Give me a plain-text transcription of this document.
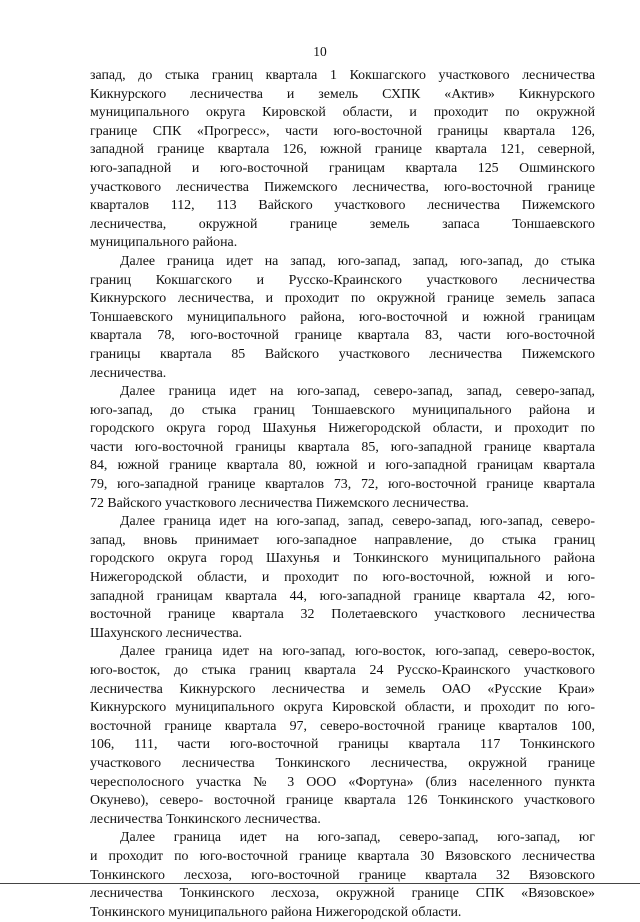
10
запад, до стыка границ квартала 1 Кокшагского участкового лесничества
Кикнурского лесничества и земель СХПК «Актив» Кикнурского
муниципального округа Кировской области, и проходит по окружной
границе СПК «Прогресс», части юго-восточной границы квартала 126,
западной границе квартала 126, южной границе квартала 121, северной,
юго-западной и юго-восточной границам квартала 125 Ошминского
участкового лесничества Пижемского лесничества, юго-восточной границе
кварталов 112, 113 Вайского участкового лесничества Пижемского
лесничества, окружной границе земель запаса Тоншаевского
муниципального района.
Далее граница идет на запад, юго-запад, запад, юго-запад, до стыка
границ Кокшагского и Русско-Краинского участкового лесничества
Кикнурского лесничества, и проходит по окружной границе земель запаса
Тоншаевского муниципального района, юго-восточной и южной границам
квартала 78, юго-восточной границе квартала 83, части юго-восточной
границы квартала 85 Вайского участкового лесничества Пижемского
лесничества.
Далее граница идет на юго-запад, северо-запад, запад, северо-запад,
юго-запад, до стыка границ Тоншаевского муниципального района и
городского округа город Шахунья Нижегородской области, и проходит по
части юго-восточной границы квартала 85, юго-западной границе квартала
84, южной границе квартала 80, южной и юго-западной границам квартала
79, юго-западной границе кварталов 73, 72, юго-восточной границе квартала
72 Вайского участкового лесничества Пижемского лесничества.
Далее граница идет на юго-запад, запад, северо-запад, юго-запад, северо-
запад, вновь принимает юго-западное направление, до стыка границ
городского округа город Шахунья и Тонкинского муниципального района
Нижегородской области, и проходит по юго-восточной, южной и юго-
западной границам квартала 44, юго-западной границе квартала 42, юго-
восточной границе квартала 32 Полетаевского участкового лесничества
Шахунского лесничества.
Далее граница идет на юго-запад, юго-восток, юго-запад, северо-восток,
юго-восток, до стыка границ квартала 24 Русско-Краинского участкового
лесничества Кикнурского лесничества и земель ОАО «Русские Краи»
Кикнурского муниципального округа Кировской области, и проходит по юго-
восточной границе квартала 97, северо-восточной границе кварталов 100,
106, 111, части юго-восточной границы квартала 117 Тонкинского
участкового лесничества Тонкинского лесничества, окружной границе
чересполосного участка № 3 ООО «Фортуна» (близ населенного пункта
Окунево), северо- восточной границе квартала 126 Тонкинского участкового
лесничества Тонкинского лесничества.
Далее граница идет на юго-запад, северо-запад, юго-запад, юг
и проходит по юго-восточной границе квартала 30 Вязовского лесничества
Тонкинского лесхоза, юго-восточной границе квартала 32 Вязовского
лесничества Тонкинского лесхоза, окружной границе СПК «Вязовское»
Тонкинского муниципального района Нижегородской области.
